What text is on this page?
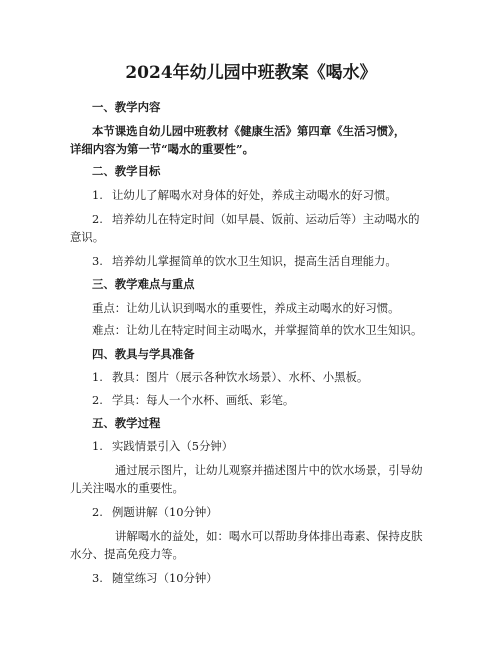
2024年幼儿园中班教案《喝水》
一、教学内容
本节课选自幼儿园中班教材《健康生活》第四章《生活习惯》，
详细内容为第一节“喝水的重要性”。
二、教学目标
1. 让幼儿了解喝水对身体的好处，养成主动喝水的好习惯。
2. 培养幼儿在特定时间（如早晨、饭前、运动后等）主动喝水的
意识。
3. 培养幼儿掌握简单的饮水卫生知识，提高生活自理能力。
三、教学难点与重点
重点：让幼儿认识到喝水的重要性，养成主动喝水的好习惯。
难点：让幼儿在特定时间主动喝水，并掌握简单的饮水卫生知识。
四、教具与学具准备
1. 教具：图片（展示各种饮水场景）、水杯、小黑板。
2. 学具：每人一个水杯、画纸、彩笔。
五、教学过程
1. 实践情景引入（5分钟）
通过展示图片，让幼儿观察并描述图片中的饮水场景，引导幼
儿关注喝水的重要性。
2. 例题讲解（10分钟）
讲解喝水的益处，如：喝水可以帮助身体排出毒素、保持皮肤
水分、提高免疫力等。
3. 随堂练习（10分钟）
